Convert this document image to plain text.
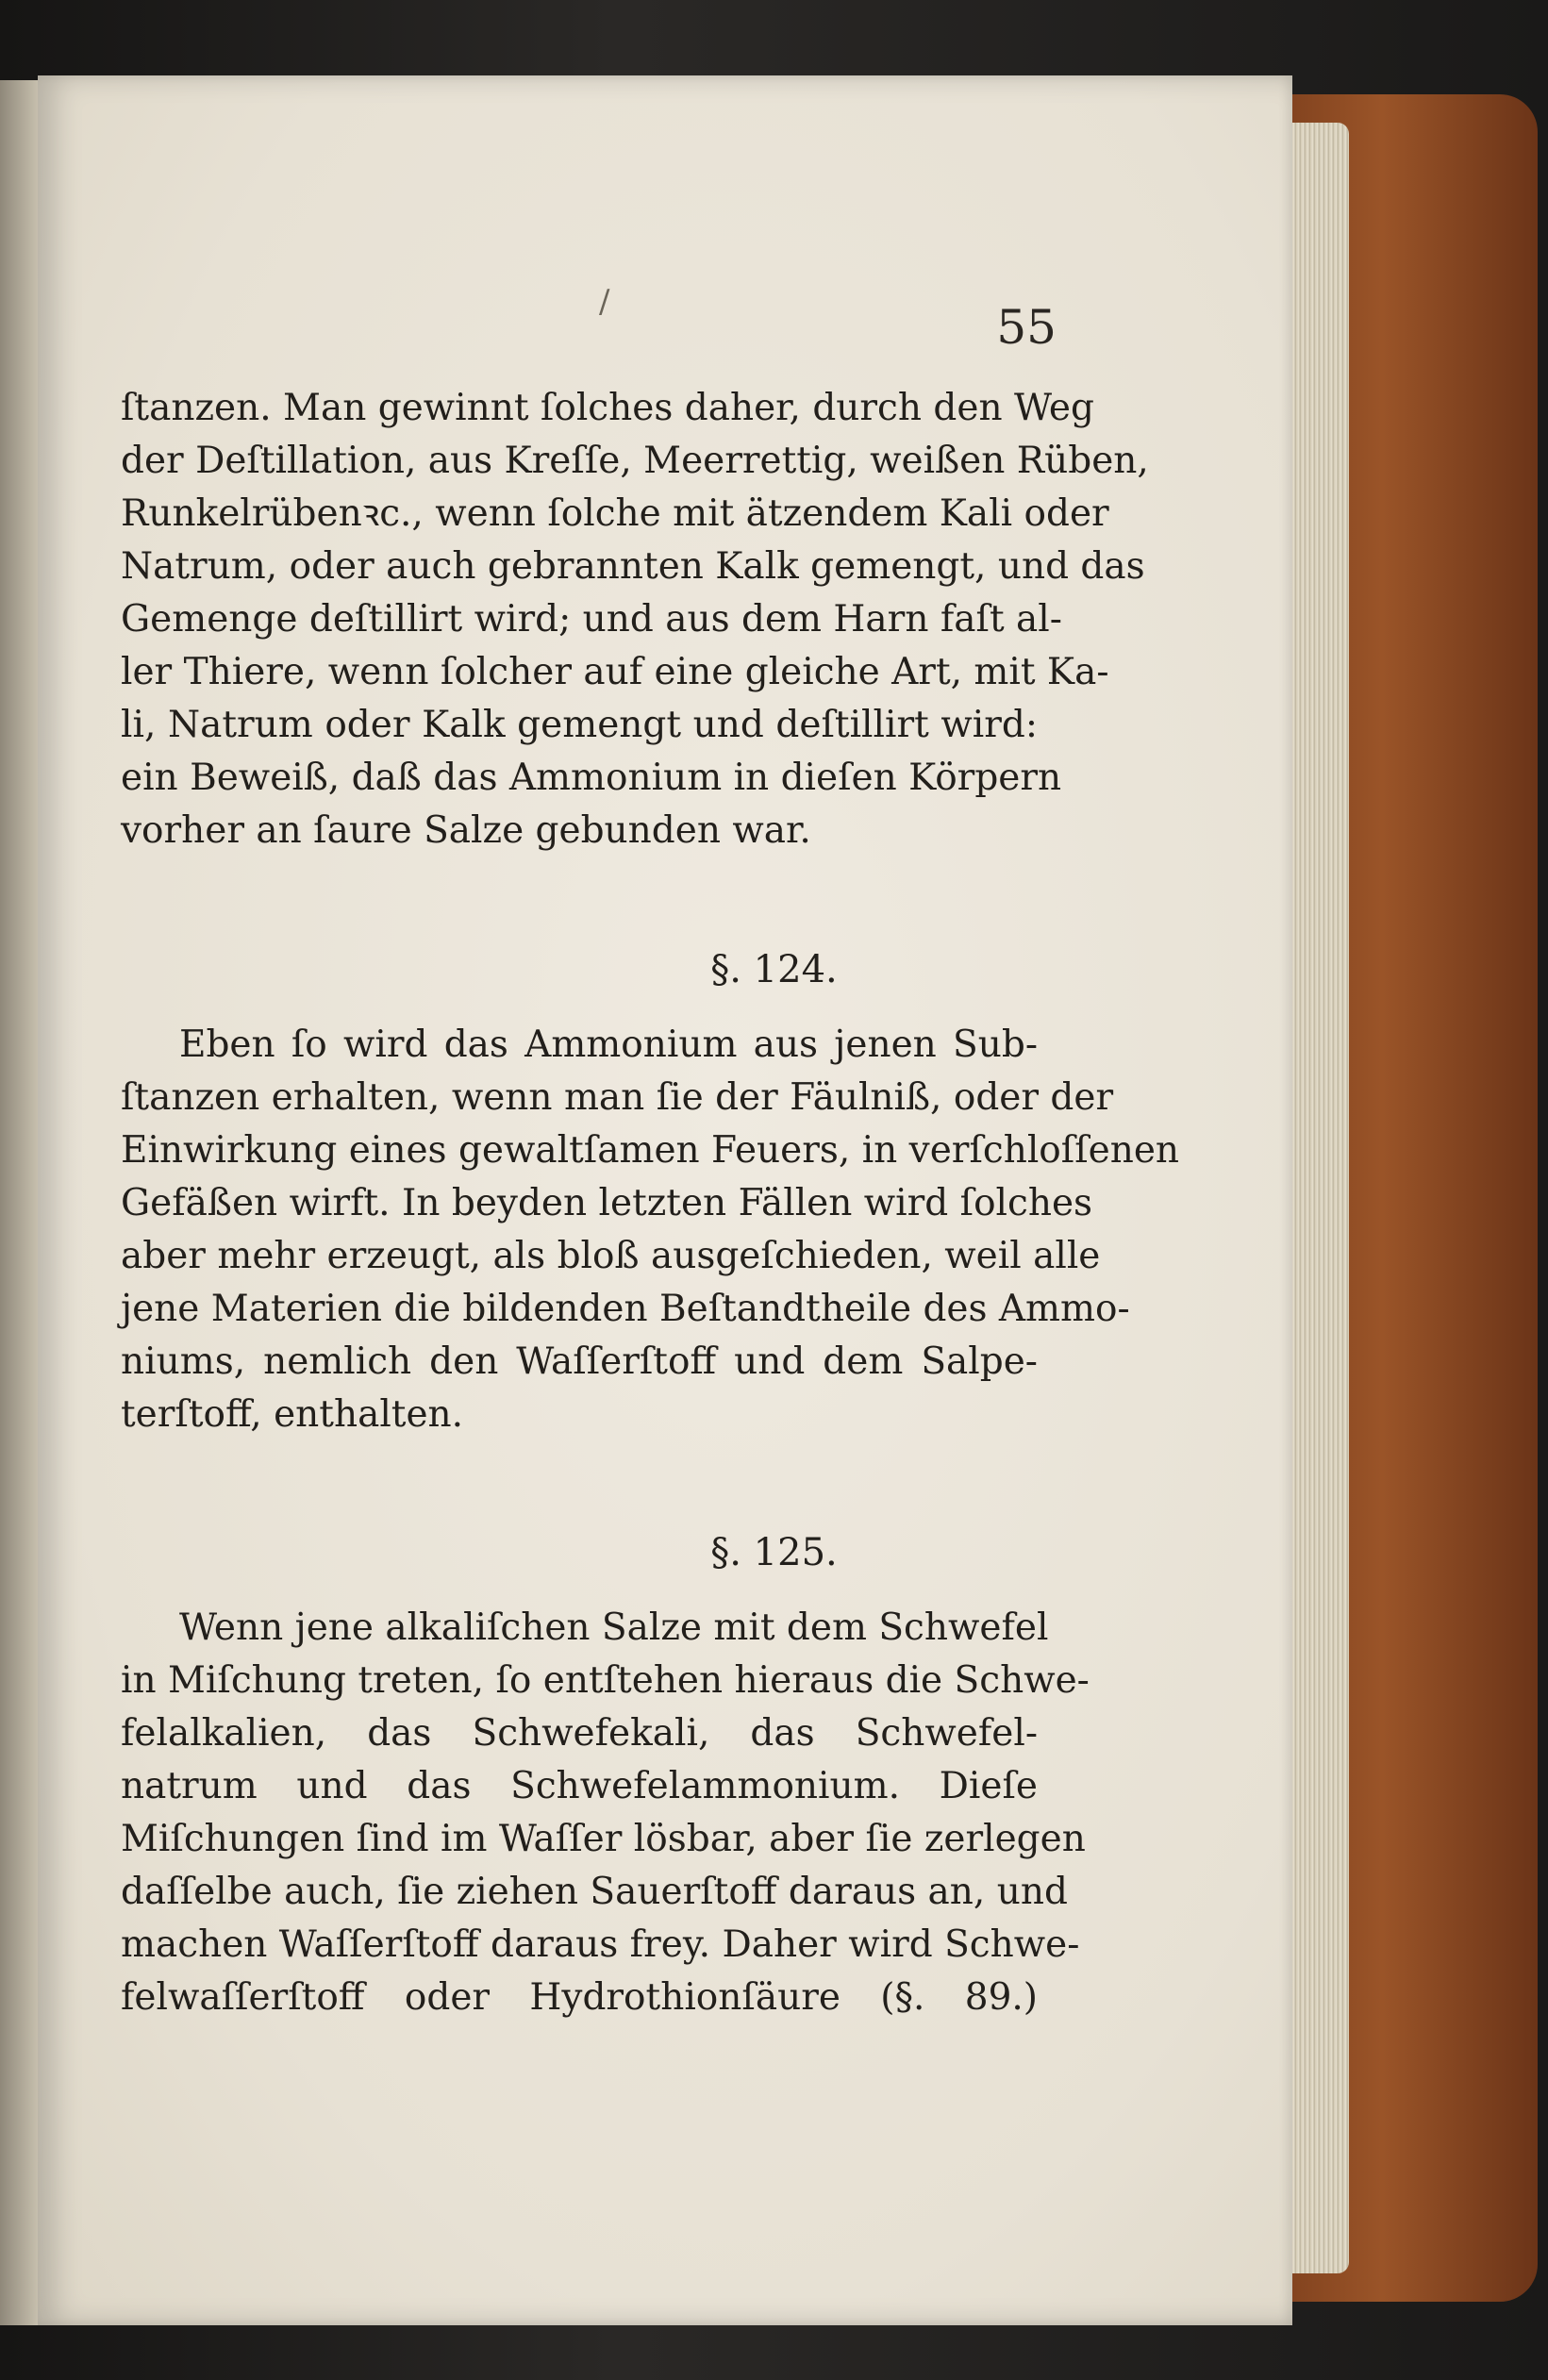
/	55
ſtanzen. Man gewinnt ſolches daher, durch den Weg
der Deſtillation, aus Kreſſe, Meerrettig, weißen Rüben,
Runkelrübenꝛc., wenn ſolche mit ätzendem Kali oder
Natrum, oder auch gebrannten Kalk gemengt, und das
Gemenge deſtillirt wird; und aus dem Harn faſt al-
ler Thiere, wenn ſolcher auf eine gleiche Art, mit Ka-
li, Natrum oder Kalk gemengt und deſtillirt wird:
ein Beweiß, daß das Ammonium in dieſen Körpern
vorher an ſaure Salze gebunden war.
§. 124.
Eben ſo wird das Ammonium aus jenen Sub-
ſtanzen erhalten, wenn man ſie der Fäulniß, oder der
Einwirkung eines gewaltſamen Feuers, in verſchloſſenen
Gefäßen wirft. In beyden letzten Fällen wird ſolches
aber mehr erzeugt, als bloß ausgeſchieden, weil alle
jene Materien die bildenden Beſtandtheile des Ammo-
niums, nemlich den Waſſerſtoff und dem Salpe-
terſtoff, enthalten.
§. 125.
Wenn jene alkaliſchen Salze mit dem Schwefel
in Miſchung treten, ſo entſtehen hieraus die Schwe-
felalkalien, das Schwefekali, das Schwefel-
natrum und das Schwefelammonium. Dieſe
Miſchungen ſind im Waſſer lösbar, aber ſie zerlegen
daſſelbe auch, ſie ziehen Sauerſtoff daraus an, und
machen Waſſerſtoff daraus frey. Daher wird Schwe-
felwaſſerſtoff oder Hydrothionſäure (§. 89.)
